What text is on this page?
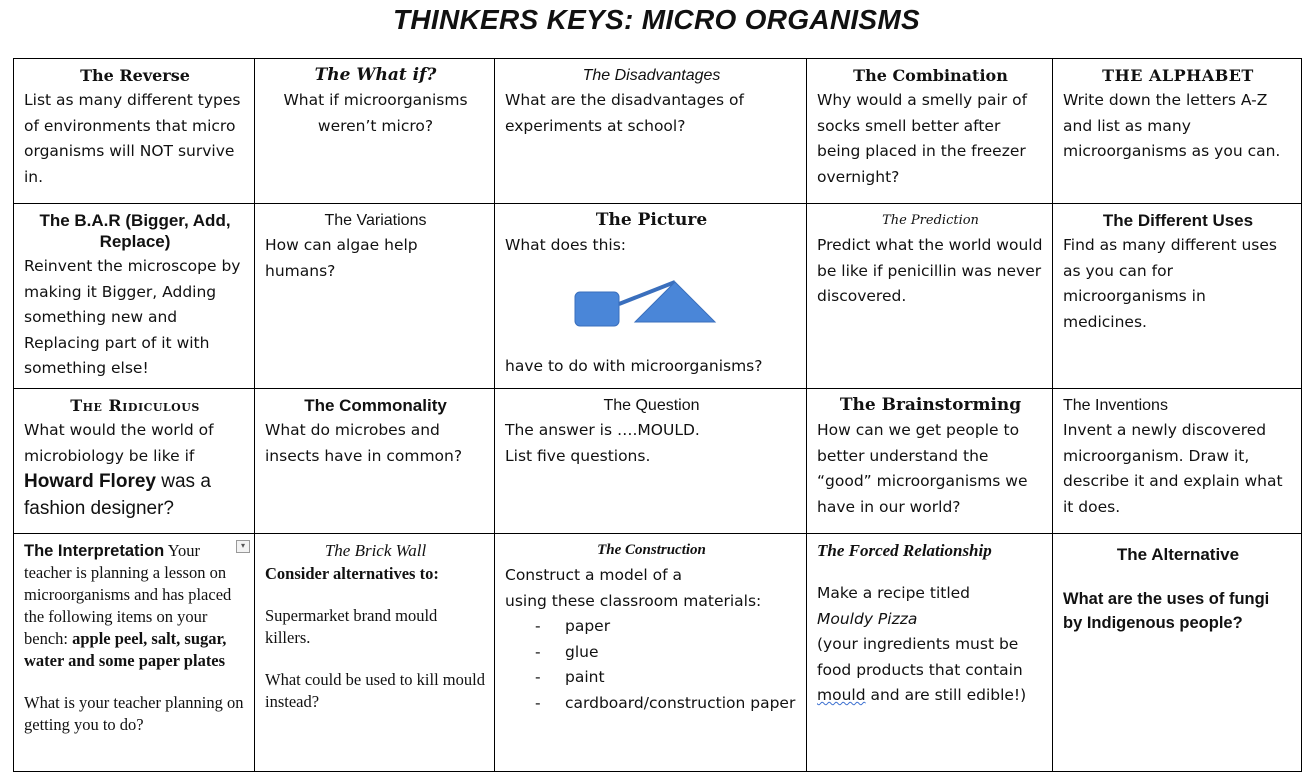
THINKERS KEYS: MICRO ORGANISMS
The Reverse
List as many different types of environments that micro organisms will NOT survive in.
The What if?
What if microorganisms weren’t micro?
The Disadvantages
What are the disadvantages of experiments at school?
The Combination
Why would a smelly pair of socks smell better after being placed in the freezer overnight?
THE ALPHABET
Write down the letters A-Z and list as many microorganisms as you can.
The B.A.R (Bigger, Add, Replace)
Reinvent the microscope by making it Bigger, Adding something new and Replacing part of it with something else!
The Variations
How can algae help humans?
The Picture
What does this:
have to do with microorganisms?
The Prediction
Predict what the world would be like if penicillin was never discovered.
The Different Uses
Find as many different uses as you can for microorganisms in medicines.
The Ridiculous
What would the world of microbiology be like if Howard Florey was a fashion designer?
The Commonality
What do microbes and insects have in common?
The Question
The answer is ….MOULD.
List five questions.
The Brainstorming
How can we get people to better understand the “good” microorganisms we have in our world?
The Inventions
Invent a newly discovered microorganism. Draw it, describe it and explain what it does.
▾
The Interpretation Your teacher is planning a lesson on microorganisms and has placed the following items on your bench: apple peel, salt, sugar, water and some paper plates
What is your teacher planning on getting you to do?
The Brick Wall
Consider alternatives to:
Supermarket brand mould killers.
What could be used to kill mould instead?
The Construction
Construct a model of a
using these classroom materials:
- paper
- glue
- paint
- cardboard/construction paper
The Forced Relationship
Make a recipe titled
Mouldy Pizza
(your ingredients must be food products that contain mould and are still edible!)
The Alternative
What are the uses of fungi by Indigenous people?
